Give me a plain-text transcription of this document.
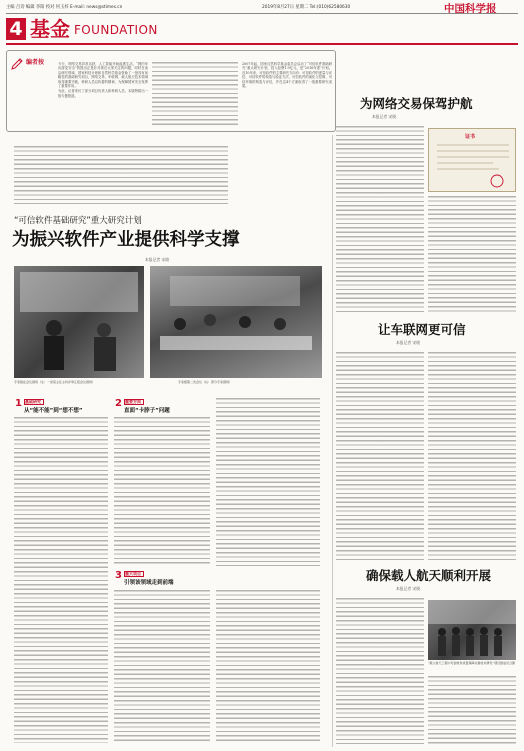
主编 吕诗 编辑 李阳 校对 何玉梓 E-mail: news@stimes.cn	2019年8月27日 星期二 Tel:(010)62580630	中国科学报
4 基金 FOUNDATION
编者按	今天，网络交易异常活跃，人工智能开始渗透生活，“网约车出游变安全”的提出正是针对现在大家关注的问题，同时在前沿研究领域，国家科技计划和自然科学基金资助了一批具有前瞻性的基础研究项目，网络交易、车联网、载人航天技术领域取得重要突破，科研人员以执着的精神，为保障国家安全发挥了重要作用。
为此，记者采访了部分项目负责人和科研人员，本版特推出一组专题报道。
2007年起，国家自然科学基金委员会启动了“可信软件基础研究”重大研究计划，投入经费1.9亿元，是“2016年度”计划。近10年来，可信软件的主要研究方向有：可信软件的度量与评估、可信软件的构造与验证方法、可信软件的演化与控制、可信环境的构造与评估，并在这4个方面取得了一批重要研究成果。
“可信软件基础研究”重大研究计划
为振兴软件产业提供科学支撑
本报记者 宋晓
专家组在会议现场（左：一是某主任主持评审汇报会议现场）	专家组第二次会议（右：部分专家现场）
1 基础研究
从“能不能”到“想不想”
2 重要方向
直面“卡脖子”问题
3 重大项目
引领该领域走到前端
为网络交易保驾护航
本报记者 宋晓
证书
让车联网更可信
本报记者 宋晓
确保载人航天顺利开展
本报记者 宋晓
“载人航天工程中可信软件质量保障关键技术研究”项目组成员合影
